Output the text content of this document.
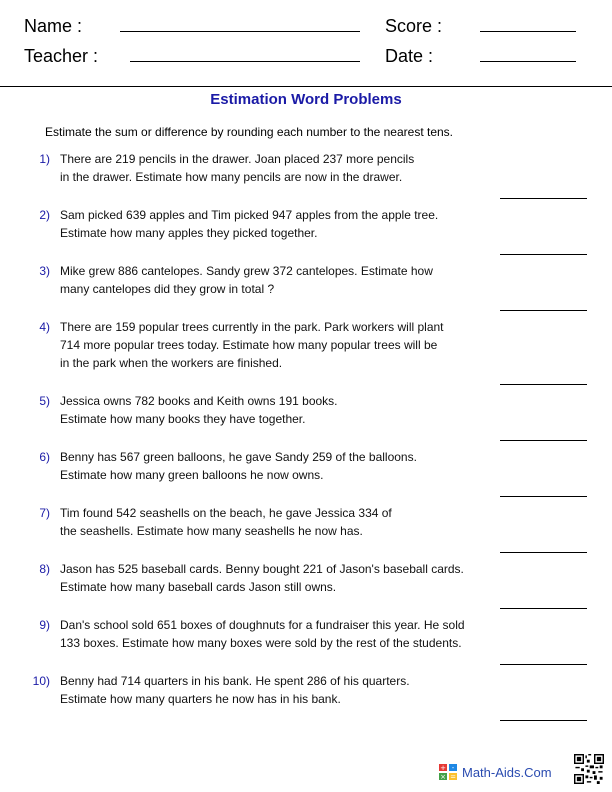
Name :	Score :
Teacher :	Date :
Estimation Word Problems
Estimate the sum or difference by rounding each number to the nearest tens.
1) There are 219 pencils in the drawer. Joan placed 237 more pencils
in the drawer. Estimate how many pencils are now in the drawer.
2) Sam picked 639 apples and Tim picked 947 apples from the apple tree.
Estimate how many apples they picked together.
3) Mike grew 886 cantelopes. Sandy grew 372 cantelopes. Estimate how
many cantelopes did they grow in total ?
4) There are 159 popular trees currently in the park. Park workers will plant
714 more popular trees today. Estimate how many popular trees will be
in the park when the workers are finished.
5) Jessica owns 782 books and Keith owns 191 books.
Estimate how many books they have together.
6) Benny has 567 green balloons, he gave Sandy 259 of the balloons.
Estimate how many green balloons he now owns.
7) Tim found 542 seashells on the beach, he gave Jessica 334 of
the seashells. Estimate how many seashells he now has.
8) Jason has 525 baseball cards. Benny bought 221 of Jason's baseball cards.
Estimate how many baseball cards Jason still owns.
9) Dan's school sold 651 boxes of doughnuts for a fundraiser this year. He sold
133 boxes. Estimate how many boxes were sold by the rest of the students.
10) Benny had 714 quarters in his bank. He spent 286 of his quarters.
Estimate how many quarters he now has in his bank.
+ -
× = Math-Aids.Com
